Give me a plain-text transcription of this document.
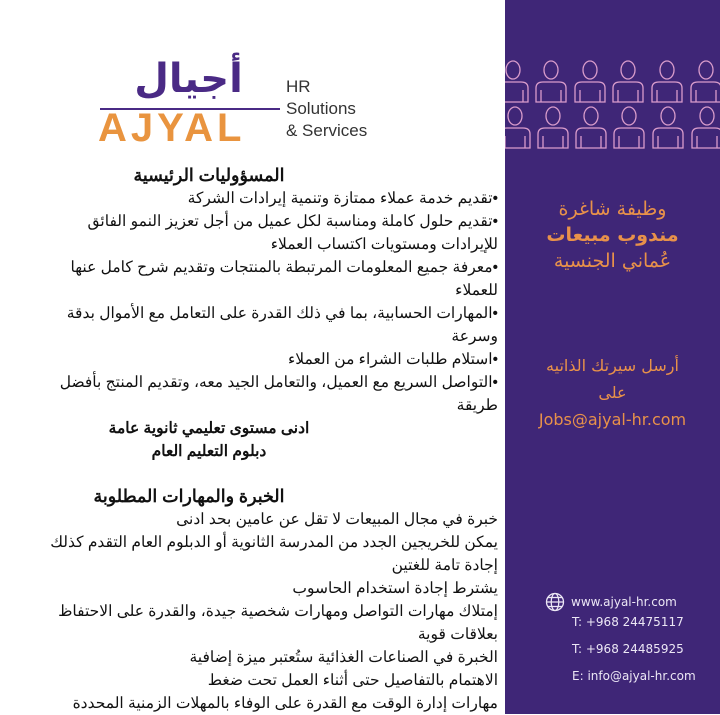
أجيال
AJYAL
HR
Solutions
& Services
المسؤوليات الرئيسية
•تقديم خدمة عملاء ممتازة وتنمية إيرادات الشركة
•تقديم حلول كاملة ومناسبة لكل عميل من أجل تعزيز النمو الفائق للإيرادات ومستويات اكتساب العملاء
•معرفة جميع المعلومات المرتبطة بالمنتجات وتقديم شرح كامل عنها للعملاء
•المهارات الحسابية، بما في ذلك القدرة على التعامل مع الأموال بدقة وسرعة
•استلام طلبات الشراء من العملاء
•التواصل السريع مع العميل، والتعامل الجيد معه، وتقديم المنتج بأفضل طريقة
ادنى مستوى تعليمي ثانوية عامة
دبلوم التعليم العام
الخبرة والمهارات المطلوبة
خبرة في مجال المبيعات لا تقل عن عامين بحد ادنى
يمكن للخريجين الجدد من المدرسة الثانوية أو الدبلوم العام التقدم كذلك
إجادة تامة للغتين
يشترط إجادة استخدام الحاسوب
إمتلاك مهارات التواصل ومهارات شخصية جيدة، والقدرة على الاحتفاظ بعلاقات قوية
الخبرة في الصناعات الغذائية ستُعتبر ميزة إضافية
الاهتمام بالتفاصيل حتى أثناء العمل تحت ضغط
مهارات إدارة الوقت مع القدرة على الوفاء بالمهلات الزمنية المحددة
وظيفة شاغرة
مندوب مبيعات
عُماني الجنسية
أرسل سيرتك الذاتيه
على
Jobs@ajyal-hr.com
www.ajyal-hr.com
T: +968 24475117
T: +968 24485925
E: info@ajyal-hr.com
